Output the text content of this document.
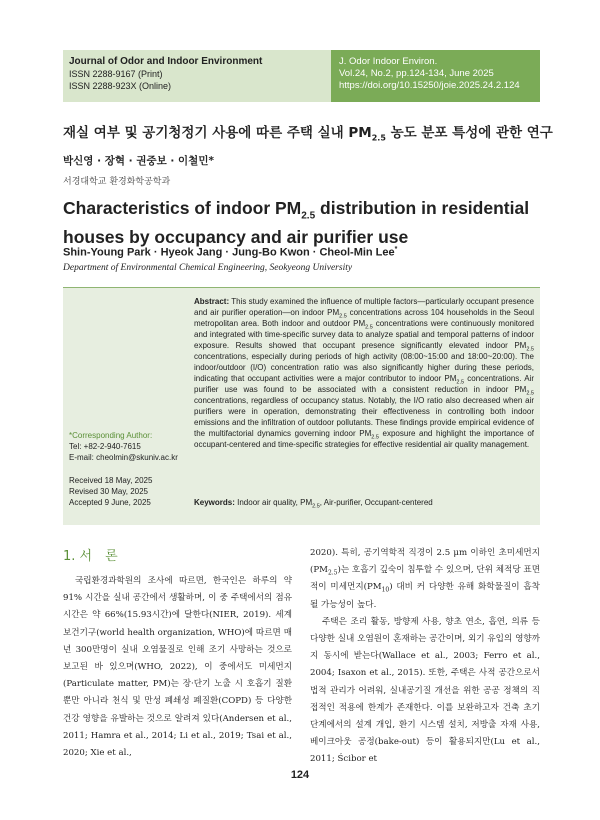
Journal of Odor and Indoor Environment
ISSN 2288-9167 (Print)
ISSN 2288-923X (Online)
J. Odor Indoor Environ.
Vol.24, No.2, pp.124-134, June 2025
https://doi.org/10.15250/joie.2025.24.2.124
재실 여부 및 공기청정기 사용에 따른 주택 실내 $PM_{2.5}$ 농도 분포 특성에 관한 연구
박신영 · 장혁 · 권중보 · 이철민*
서경대학교 환경화학공학과
Characteristics of indoor $PM_{2.5}$ distribution in residential houses by occupancy and air purifier use
Shin-Young Park · Hyeok Jang · Jung-Bo Kwon · Cheol-Min Lee*
Department of Environmental Chemical Engineering, Seokyeong University
*Corresponding Author:
Tel: +82-2-940-7615
E-mail: cheolmin@skuniv.ac.kr
Received 18 May, 2025
Revised 30 May, 2025
Accepted 9 June, 2025
Abstract: This study examined the influence of multiple factors—particularly occupant presence and air purifier operation—on indoor $PM_{2.5}$ concentrations across 104 households in the Seoul metropolitan area. Both indoor and outdoor $PM_{2.5}$ concentrations were continuously monitored and integrated with time-specific survey data to analyze spatial and temporal patterns of indoor exposure. Results showed that occupant presence significantly elevated indoor $PM_{2.5}$ concentrations, especially during periods of high activity (08:00~15:00 and 18:00~20:00). The indoor/outdoor (I/O) concentration ratio was also significantly higher during these periods, indicating that occupant activities were a major contributor to indoor $PM_{2.5}$ concentrations. Air purifier use was found to be associated with a consistent reduction in indoor $PM_{2.5}$ concentrations, regardless of occupancy status. Notably, the I/O ratio also decreased when air purifiers were in operation, demonstrating their effectiveness in controlling both indoor emissions and the infiltration of outdoor pollutants. These findings provide empirical evidence of the multifactorial dynamics governing indoor $PM_{2.5}$ exposure and highlight the importance of occupant-centered and time-specific strategies for effective residential air quality management.
Keywords: Indoor air quality, $PM_{2.5}$, Air-purifier, Occupant-centered
1. 서　론

국립환경과학원의 조사에 따르면, 한국인은 하루의 약 91% 시간을 실내 공간에서 생활하며, 이 중 주택에서의 점유 시간은 약 66%(15.93시간)에 달한다(NIER, 2019). 세계보건기구(world health organization, WHO)에 따르면 매년 300만명이 실내 오염물질로 인해 조기 사망하는 것으로 보고된 바 있으며(WHO, 2022), 이 중에서도 미세먼지(Particulate matter, PM)는 장·단기 노출 시 호흡기 질환뿐만 아니라 천식 및 만성 폐쇄성 폐질환(COPD) 등 다양한 건강 영향을 유발하는 것으로 알려져 있다(Andersen et al., 2011; Hamra et al., 2014; Li et al., 2019; Tsai et al., 2020; Xie et al.,

2020). 특히, 공기역학적 직경이 2.5 μm 이하인 초미세먼지$(PM_{2.5})$는 호흡기 깊숙이 침투할 수 있으며, 단위 체적당 표면적이 미세먼지$(PM_{10})$ 대비 커 다양한 유해 화학물질이 흡착될 가능성이 높다.

주택은 조리 활동, 방향제 사용, 향초 연소, 흡연, 의류 등 다양한 실내 오염원이 혼재하는 공간이며, 외기 유입의 영향까지 동시에 받는다(Wallace et al., 2003; Ferro et al., 2004; Isaxon et al., 2015). 또한, 주택은 사적 공간으로서 법적 관리가 어려워, 실내공기질 개선을 위한 공공 정책의 직접적인 적용에 한계가 존재한다. 이를 보완하고자 건축 초기 단계에서의 설계 개입, 환기 시스템 설치, 저방출 자재 사용, 베이크아웃 공정(bake-out) 등이 활용되지만(Lu et al., 2011; Ścibor et

124
